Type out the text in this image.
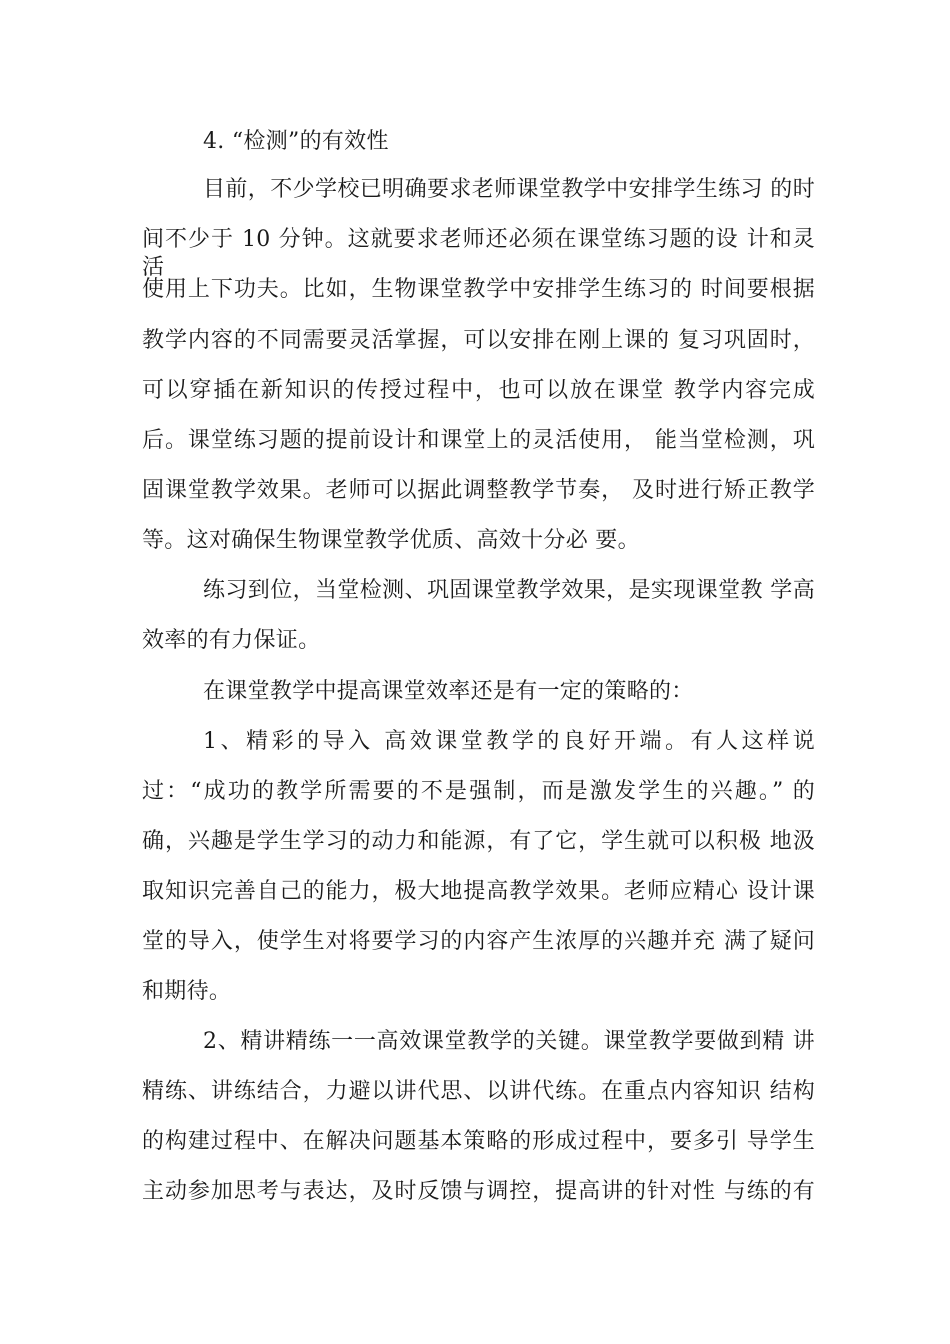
4. “检测”的有效性
目前，不少学校已明确要求老师课堂教学中安排学生练习 的时
间不少于 10 分钟。这就要求老师还必须在课堂练习题的设 计和灵活
使用上下功夫。比如，生物课堂教学中安排学生练习的 时间要根据
教学内容的不同需要灵活掌握，可以安排在刚上课的 复习巩固时，
可以穿插在新知识的传授过程中，也可以放在课堂 教学内容完成
后。课堂练习题的提前设计和课堂上的灵活使用， 能当堂检测，巩
固课堂教学效果。老师可以据此调整教学节奏， 及时进行矫正教学
等。这对确保生物课堂教学优质、高效十分必 要。
练习到位，当堂检测、巩固课堂教学效果，是实现课堂教 学高
效率的有力保证。
在课堂教学中提高课堂效率还是有一定的策略的：
1、精彩的导入 高效课堂教学的良好开端。有人这样说
过：“成功的教学所需要的不是强制，而是激发学生的兴趣。” 的
确，兴趣是学生学习的动力和能源，有了它，学生就可以积极 地汲
取知识完善自己的能力，极大地提高教学效果。老师应精心 设计课
堂的导入，使学生对将要学习的内容产生浓厚的兴趣并充 满了疑问
和期待。
2、精讲精练一一高效课堂教学的关键。课堂教学要做到精 讲
精练、讲练结合，力避以讲代思、以讲代练。在重点内容知识 结构
的构建过程中、在解决问题基本策略的形成过程中，要多引 导学生
主动参加思考与表达，及时反馈与调控，提高讲的针对性 与练的有
